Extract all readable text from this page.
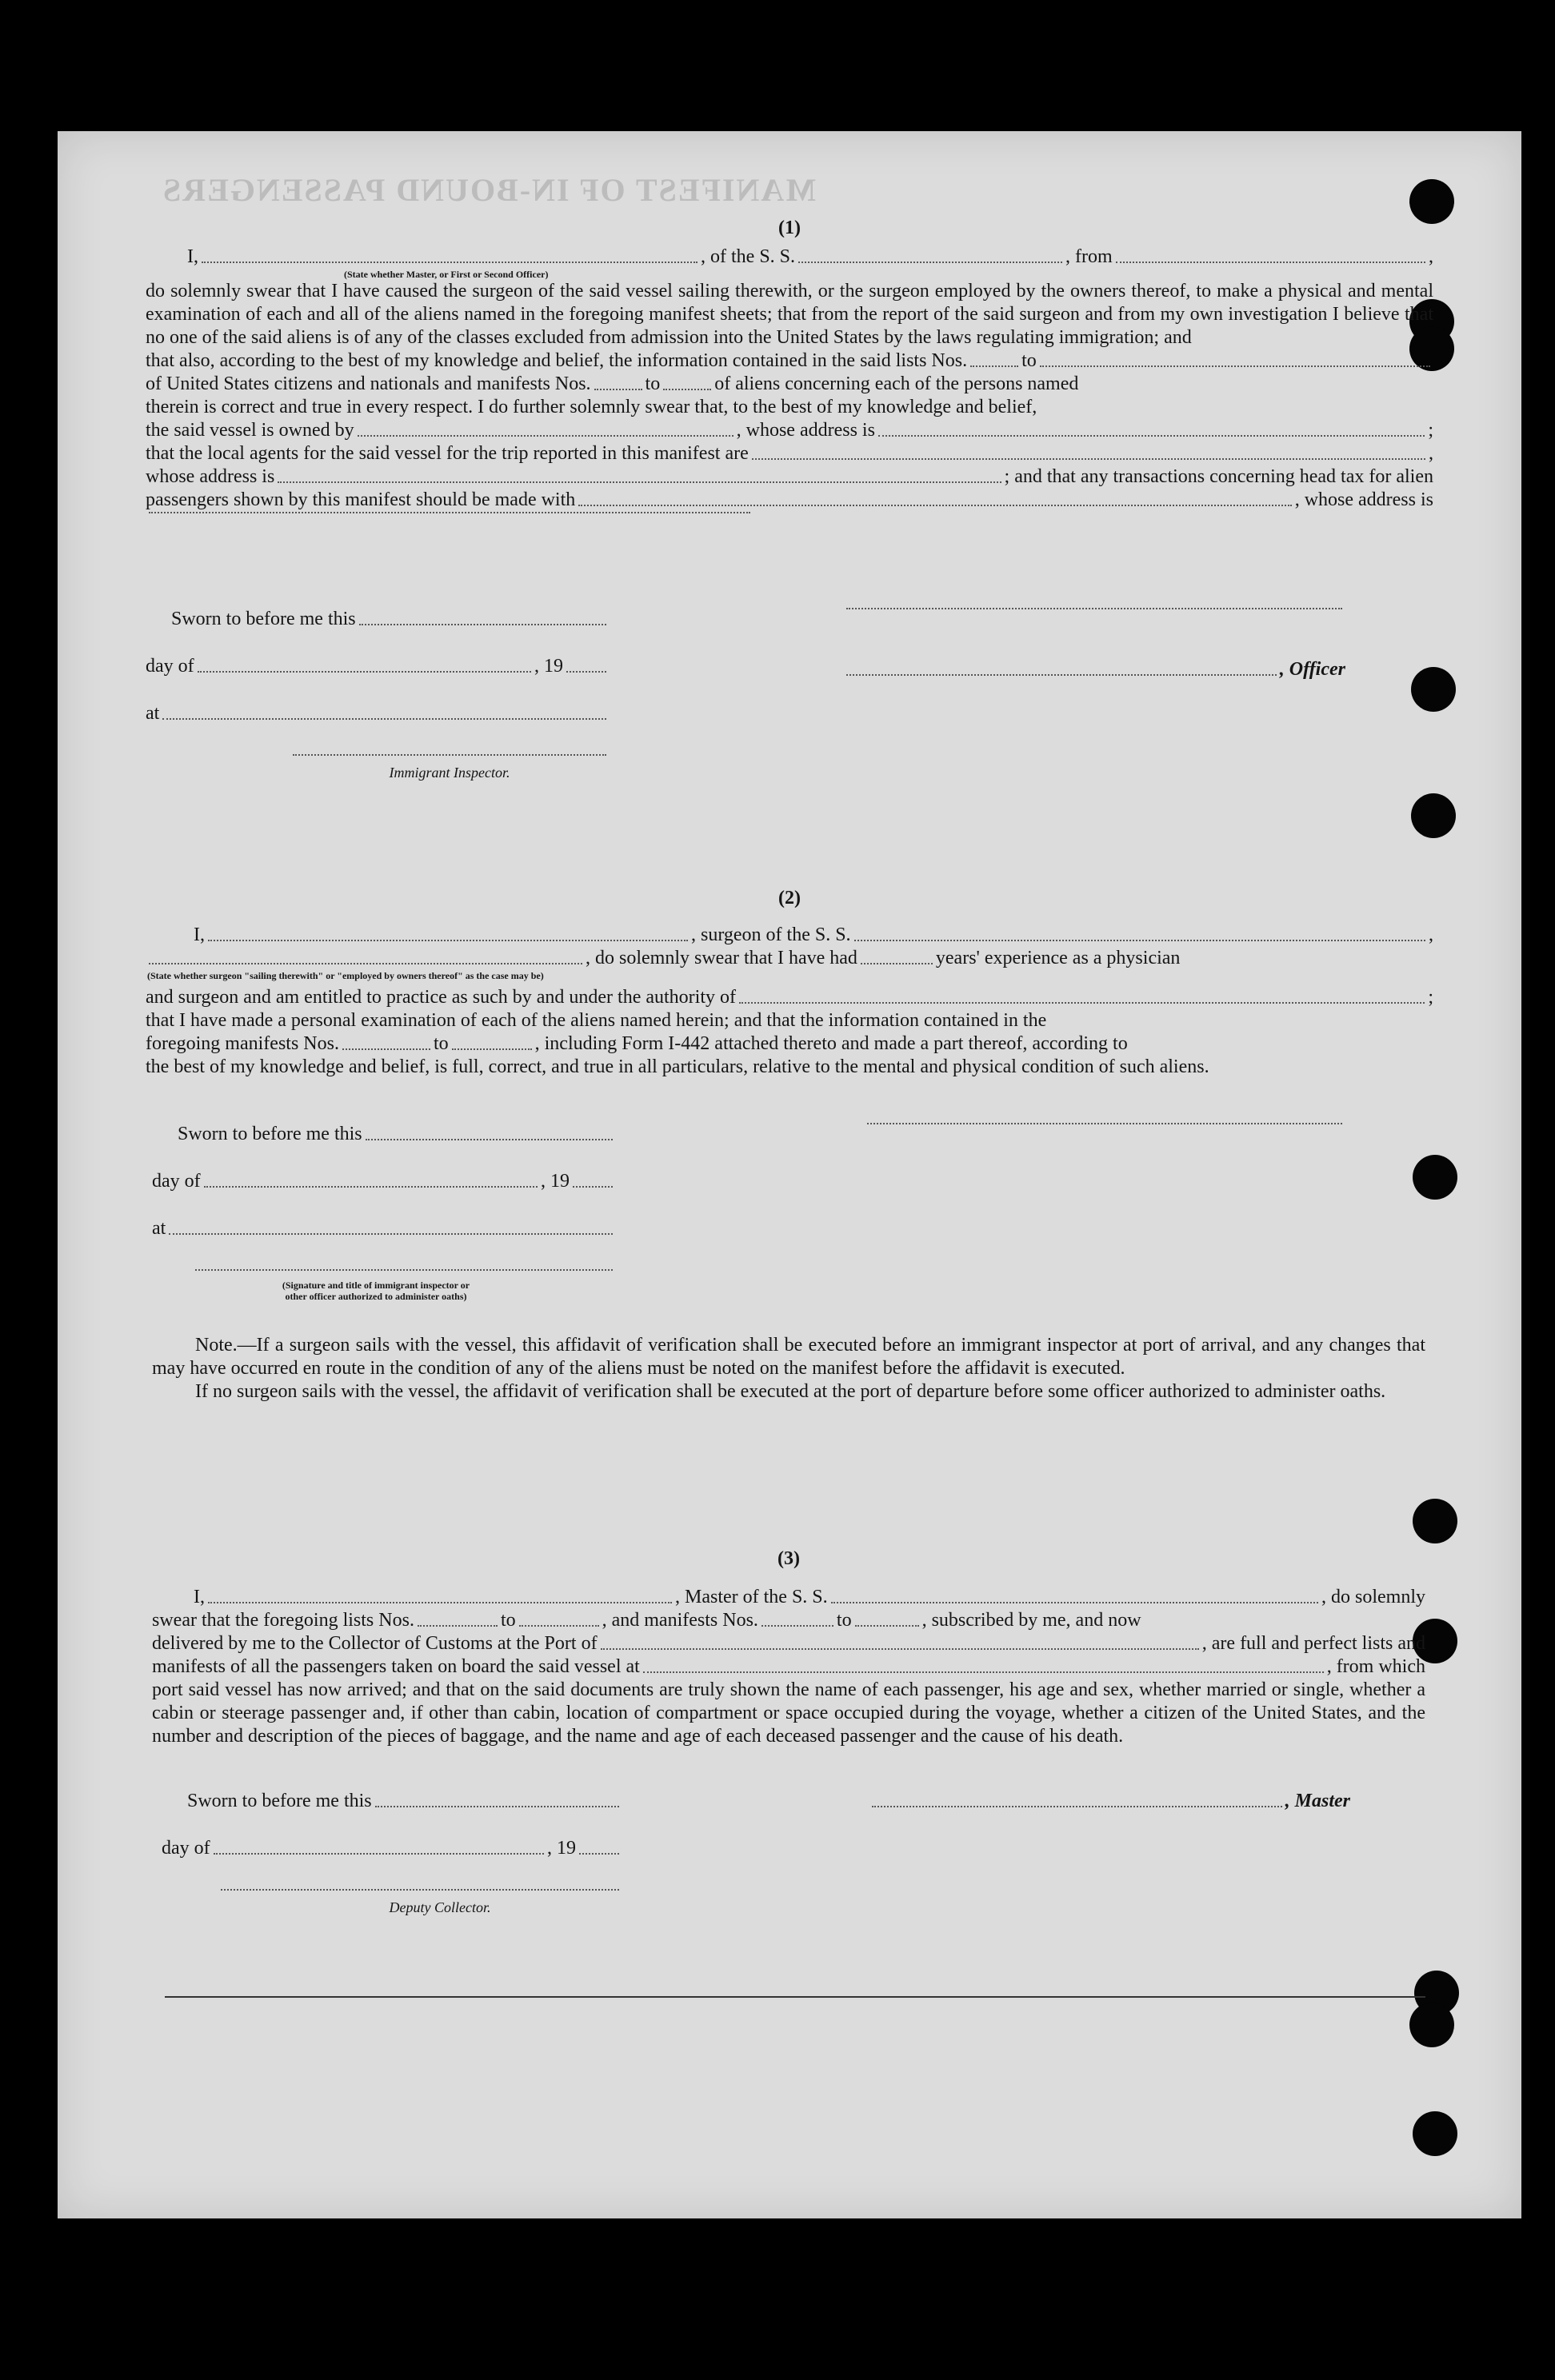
MANIFEST OF IN-BOUND PASSENGERS
(1)
I,	, of the S. S.	, from	,
(State whether Master, or First or Second Officer)
do solemnly swear that I have caused the surgeon of the said vessel sailing therewith, or the surgeon employed by the owners thereof, to make a physical and mental examination of each and all of the aliens named in the foregoing manifest sheets; that from the report of the said surgeon and from my own investigation I believe that no one of the said aliens is of any of the classes excluded from admission into the United States by the laws regulating immigration; and
that also, according to the best of my knowledge and belief, the information contained in the said lists Nos.	to
of United States citizens and nationals and manifests Nos.	to	of aliens concerning each of the persons named
therein is correct and true in every respect. I do further solemnly swear that, to the best of my knowledge and belief,
the said vessel is owned by	, whose address is	;
that the local agents for the said vessel for the trip reported in this manifest are	,
whose address is	; and that any transactions concerning head tax for alien
passengers shown by this manifest should be made with	, whose address is
Sworn to before me this
day of	, 19
at
Immigrant Inspector.
, Officer
(2)
I,	, surgeon of the S. S.	,
, do solemnly swear that I have had	years' experience as a physician
(State whether surgeon "sailing therewith" or "employed by owners thereof" as the case may be)
and surgeon and am entitled to practice as such by and under the authority of	;
that I have made a personal examination of each of the aliens named herein; and that the information contained in the
foregoing manifests Nos.	to	, including Form I-442 attached thereto and made a part thereof, according to
the best of my knowledge and belief, is full, correct, and true in all particulars, relative to the mental and physical condition of such aliens.
Sworn to before me this
day of	, 19
at
(Signature and title of immigrant inspector or other officer authorized to administer oaths)
Note.—If a surgeon sails with the vessel, this affidavit of verification shall be executed before an immigrant inspector at port of arrival, and any changes that may have occurred en route in the condition of any of the aliens must be noted on the manifest before the affidavit is executed.
If no surgeon sails with the vessel, the affidavit of verification shall be executed at the port of departure before some officer authorized to administer oaths.
(3)
I,	, Master of the S. S.	, do solemnly
swear that the foregoing lists Nos.	to	, and manifests Nos.	to	, subscribed by me, and now
delivered by me to the Collector of Customs at the Port of	, are full and perfect lists and
manifests of all the passengers taken on board the said vessel at	, from which
port said vessel has now arrived; and that on the said documents are truly shown the name of each passenger, his age and sex, whether married or single, whether a cabin or steerage passenger and, if other than cabin, location of compartment or space occupied during the voyage, whether a citizen of the United States, and the number and description of the pieces of baggage, and the name and age of each deceased passenger and the cause of his death.
Sworn to before me this
day of	, 19
Deputy Collector.
, Master
